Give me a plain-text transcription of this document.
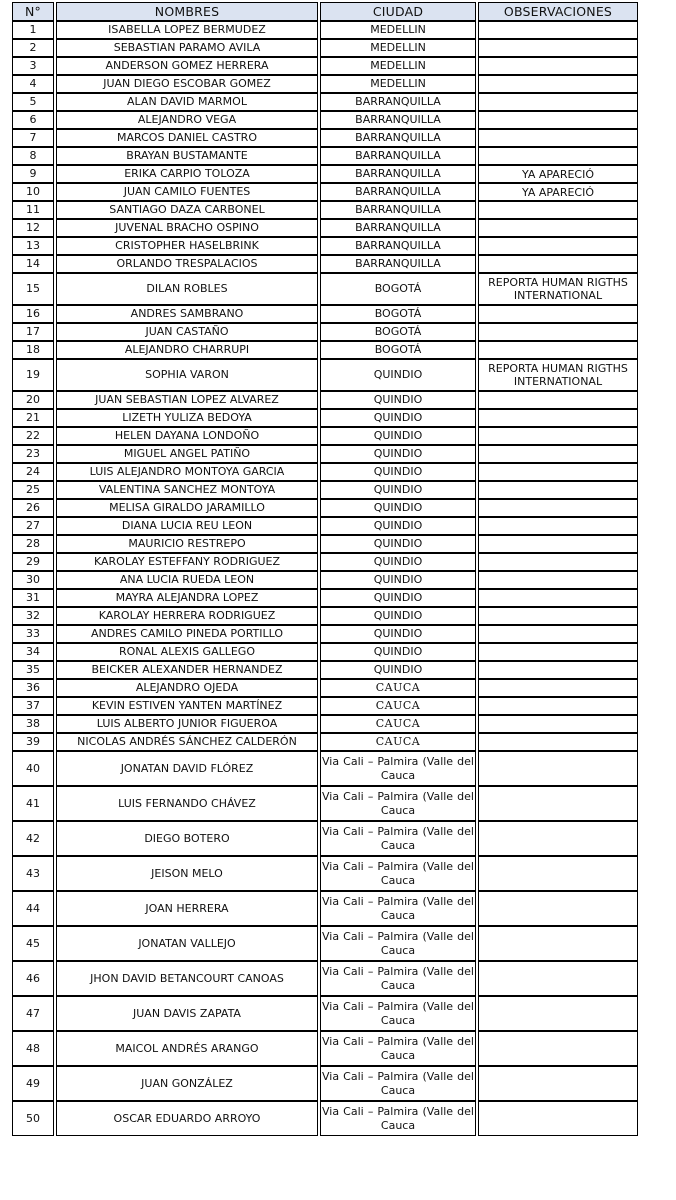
N°	NOMBRES	CIUDAD	OBSERVACIONES
1	ISABELLA LOPEZ BERMUDEZ	MEDELLIN	
2	SEBASTIAN PARAMO AVILA	MEDELLIN	
3	ANDERSON GOMEZ HERRERA	MEDELLIN	
4	JUAN DIEGO ESCOBAR GOMEZ	MEDELLIN	
5	ALAN DAVID MARMOL	BARRANQUILLA	
6	ALEJANDRO VEGA	BARRANQUILLA	
7	MARCOS DANIEL CASTRO	BARRANQUILLA	
8	BRAYAN BUSTAMANTE	BARRANQUILLA	
9	ERIKA CARPIO TOLOZA	BARRANQUILLA	YA APARECIÓ
10	JUAN CAMILO FUENTES	BARRANQUILLA	YA APARECIÓ
11	SANTIAGO DAZA CARBONEL	BARRANQUILLA	
12	JUVENAL BRACHO OSPINO	BARRANQUILLA	
13	CRISTOPHER HASELBRINK	BARRANQUILLA	
14	ORLANDO TRESPALACIOS	BARRANQUILLA	
15	DILAN ROBLES	BOGOTÁ	REPORTA HUMAN RIGTHS INTERNATIONAL
16	ANDRES SAMBRANO	BOGOTÁ	
17	JUAN CASTAÑO	BOGOTÁ	
18	ALEJANDRO CHARRUPI	BOGOTÁ	
19	SOPHIA VARON	QUINDIO	REPORTA HUMAN RIGTHS INTERNATIONAL
20	JUAN SEBASTIAN LOPEZ ALVAREZ	QUINDIO	
21	LIZETH YULIZA BEDOYA	QUINDIO	
22	HELEN DAYANA LONDOÑO	QUINDIO	
23	MIGUEL ANGEL PATIÑO	QUINDIO	
24	LUIS ALEJANDRO MONTOYA GARCIA	QUINDIO	
25	VALENTINA SANCHEZ MONTOYA	QUINDIO	
26	MELISA GIRALDO JARAMILLO	QUINDIO	
27	DIANA LUCIA REU LEON	QUINDIO	
28	MAURICIO RESTREPO	QUINDIO	
29	KAROLAY ESTEFFANY RODRIGUEZ	QUINDIO	
30	ANA LUCIA RUEDA LEON	QUINDIO	
31	MAYRA ALEJANDRA LOPEZ	QUINDIO	
32	KAROLAY HERRERA RODRIGUEZ	QUINDIO	
33	ANDRES CAMILO PINEDA PORTILLO	QUINDIO	
34	RONAL ALEXIS GALLEGO	QUINDIO	
35	BEICKER ALEXANDER HERNANDEZ	QUINDIO	
36	ALEJANDRO OJEDA	CAUCA	
37	KEVIN ESTIVEN YANTEN MARTÍNEZ	CAUCA	
38	LUIS ALBERTO JUNIOR FIGUEROA	CAUCA	
39	NICOLAS ANDRÉS SÁNCHEZ CALDERÓN	CAUCA	
40	JONATAN DAVID FLÓREZ	Via Cali – Palmira (Valle del Cauca	
41	LUIS FERNANDO CHÁVEZ	Via Cali – Palmira (Valle del Cauca	
42	DIEGO BOTERO	Via Cali – Palmira (Valle del Cauca	
43	JEISON MELO	Via Cali – Palmira (Valle del Cauca	
44	JOAN HERRERA	Via Cali – Palmira (Valle del Cauca	
45	JONATAN VALLEJO	Via Cali – Palmira (Valle del Cauca	
46	JHON DAVID BETANCOURT CANOAS	Via Cali – Palmira (Valle del Cauca	
47	JUAN DAVIS ZAPATA	Via Cali – Palmira (Valle del Cauca	
48	MAICOL ANDRÉS ARANGO	Via Cali – Palmira (Valle del Cauca	
49	JUAN GONZÁLEZ	Via Cali – Palmira (Valle del Cauca	
50	OSCAR EDUARDO ARROYO	Via Cali – Palmira (Valle del Cauca	
